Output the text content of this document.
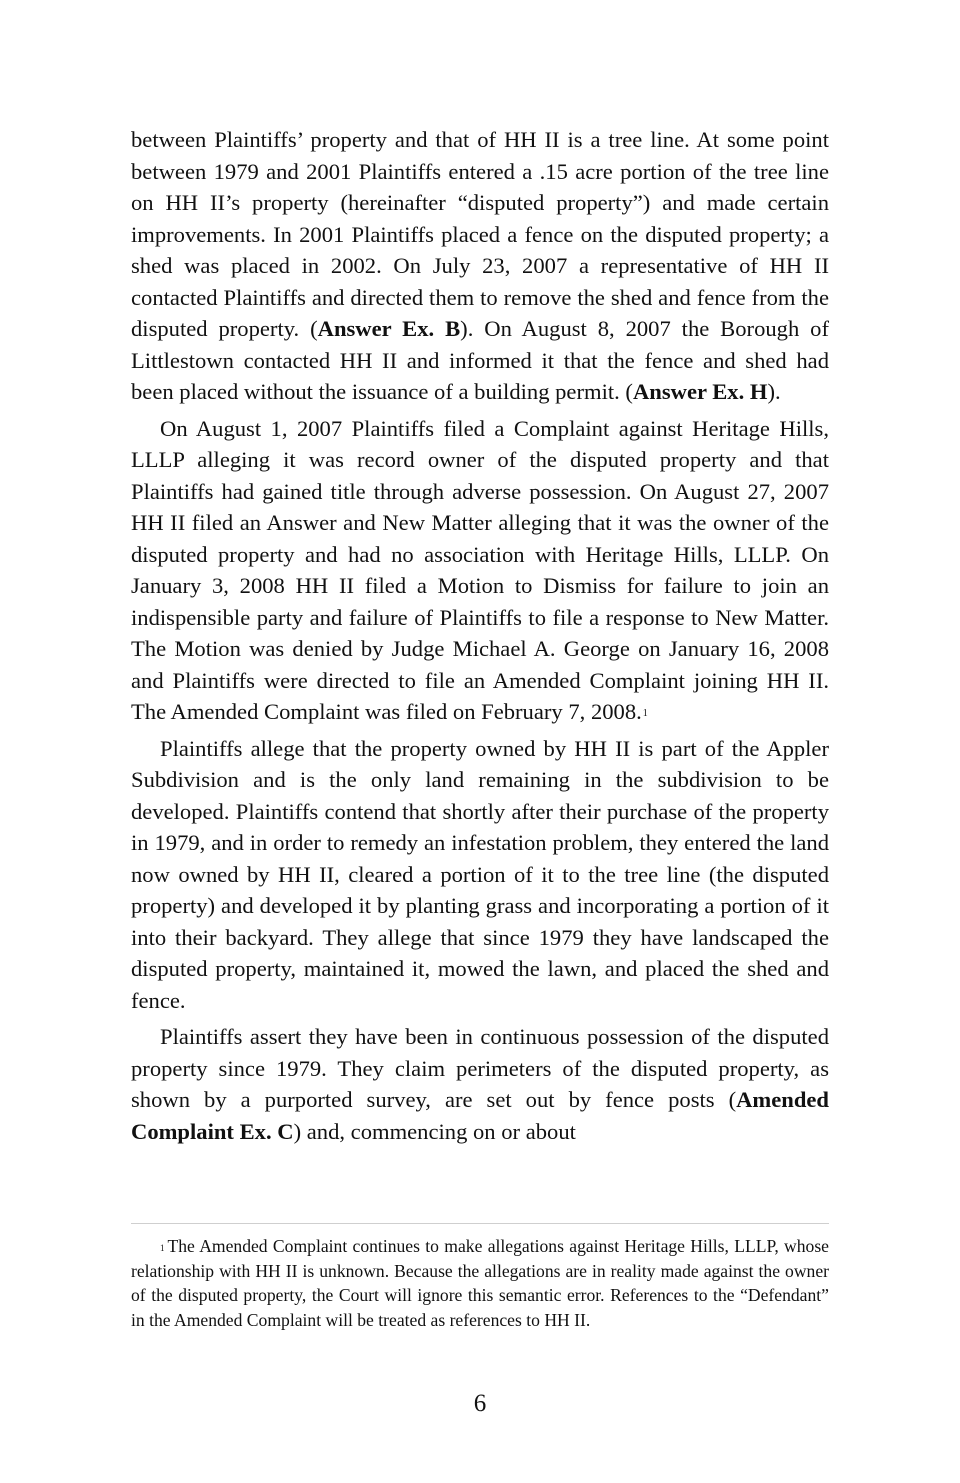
between Plaintiffs’ property and that of HH II is a tree line. At some point between 1979 and 2001 Plaintiffs entered a .15 acre portion of the tree line on HH II’s property (hereinafter “disputed property”) and made certain improvements. In 2001 Plaintiffs placed a fence on the disputed property; a shed was placed in 2002. On July 23, 2007 a representative of HH II contacted Plaintiffs and directed them to remove the shed and fence from the disputed property. (Answer Ex. B). On August 8, 2007 the Borough of Littlestown contacted HH II and informed it that the fence and shed had been placed without the issuance of a building permit. (Answer Ex. H).

On August 1, 2007 Plaintiffs filed a Complaint against Heritage Hills, LLLP alleging it was record owner of the disputed property and that Plaintiffs had gained title through adverse possession. On August 27, 2007 HH II filed an Answer and New Matter alleging that it was the owner of the disputed property and had no association with Heritage Hills, LLLP. On January 3, 2008 HH II filed a Motion to Dismiss for failure to join an indispensible party and failure of Plaintiffs to file a response to New Matter. The Motion was denied by Judge Michael A. George on January 16, 2008 and Plaintiffs were directed to file an Amended Complaint joining HH II. The Amended Complaint was filed on February 7, 2008.$^1$

Plaintiffs allege that the property owned by HH II is part of the Appler Subdivision and is the only land remaining in the subdivision to be developed. Plaintiffs contend that shortly after their purchase of the property in 1979, and in order to remedy an infestation problem, they entered the land now owned by HH II, cleared a portion of it to the tree line (the disputed property) and developed it by planting grass and incorporating a portion of it into their backyard. They allege that since 1979 they have landscaped the disputed property, maintained it, mowed the lawn, and placed the shed and fence.

Plaintiffs assert they have been in continuous possession of the disputed property since 1979. They claim perimeters of the disputed property, as shown by a purported survey, are set out by fence posts (Amended Complaint Ex. C) and, commencing on or about

$^1$ The Amended Complaint continues to make allegations against Heritage Hills, LLLP, whose relationship with HH II is unknown. Because the allegations are in reality made against the owner of the disputed property, the Court will ignore this semantic error. References to the “Defendant” in the Amended Complaint will be treated as references to HH II.

6
